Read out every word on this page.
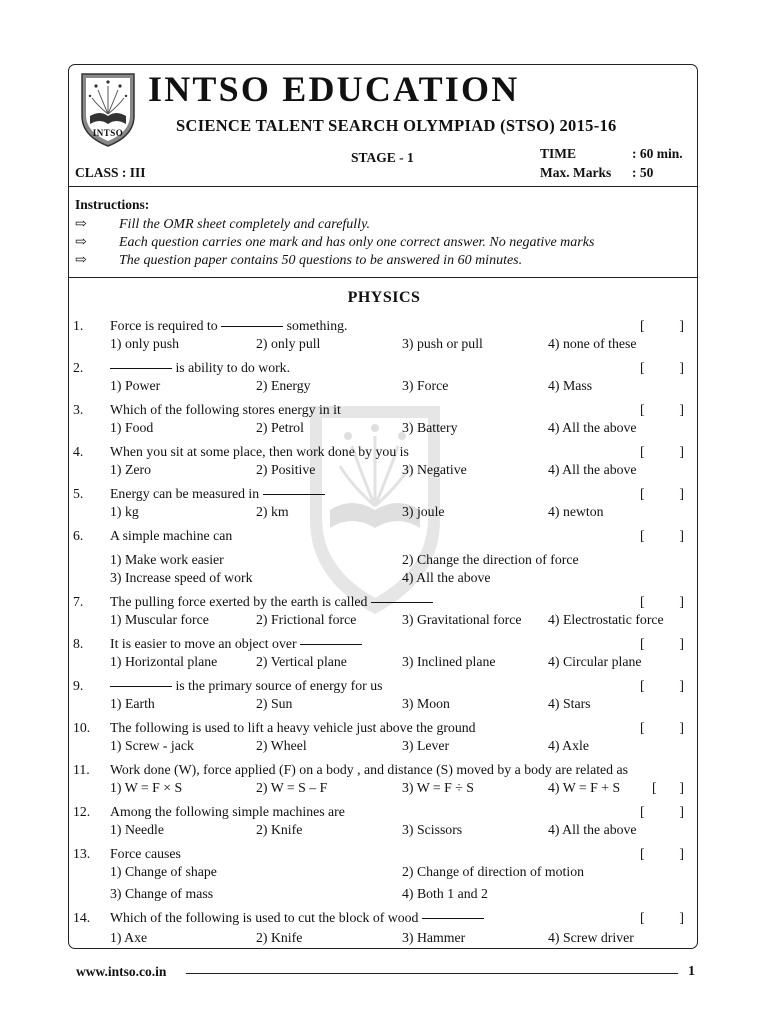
INTSO
INTSO EDUCATION
SCIENCE TALENT SEARCH OLYMPIAD (STSO) 2015-16
STAGE - 1
CLASS : III
TIME	: 60 min.
Max. Marks : 50
Instructions:
⇨ Fill the OMR sheet completely and carefully.
⇨ Each question carries one mark and has only one correct answer. No negative marks
⇨ The question paper contains 50 questions to be answered in 60 minutes.
PHYSICS
1. Force is required to	something.	[	]
1) only push	2) only pull	3) push or pull	4) none of these
2.	is ability to do work.	[	]
1) Power	2) Energy	3) Force	4) Mass
3. Which of the following stores energy in it	[	]
1) Food	2) Petrol	3) Battery	4) All the above
4. When you sit at some place, then work done by you is	[	]
1) Zero	2) Positive	3) Negative	4) All the above
5. Energy can be measured in	[	]
1) kg	2) km	3) joule	4) newton
6. A simple machine can	[	]
1) Make work easier	2) Change the direction of force
3) Increase speed of work	4) All the above
7. The pulling force exerted by the earth is called	[	]
1) Muscular force	2) Frictional force	3) Gravitational force 4) Electrostatic force
8. It is easier to move an object over	[	]
1) Horizontal plane	2) Vertical plane	3) Inclined plane	4) Circular plane
9.	is the primary source of energy for us	[	]
1) Earth	2) Sun	3) Moon	4) Stars
10. The following is used to lift a heavy vehicle just above the ground	[	]
1) Screw - jack	2) Wheel	3) Lever	4) Axle
11. Work done (W), force applied (F) on a body , and distance (S) moved by a body are related as
[ ]
1) W = F × S	2) W = S – F	3) W = F ÷ S	4) W = F + S
12. Among the following simple machines are	[	]
1) Needle	2) Knife	3) Scissors	4) All the above
13. Force causes	[	]
1) Change of shape	2) Change of direction of motion
3) Change of mass	4) Both 1 and 2
14. Which of the following is used to cut the block of wood	[	]
1) Axe	2) Knife	3) Hammer	4) Screw driver
www.intso.co.in	1
